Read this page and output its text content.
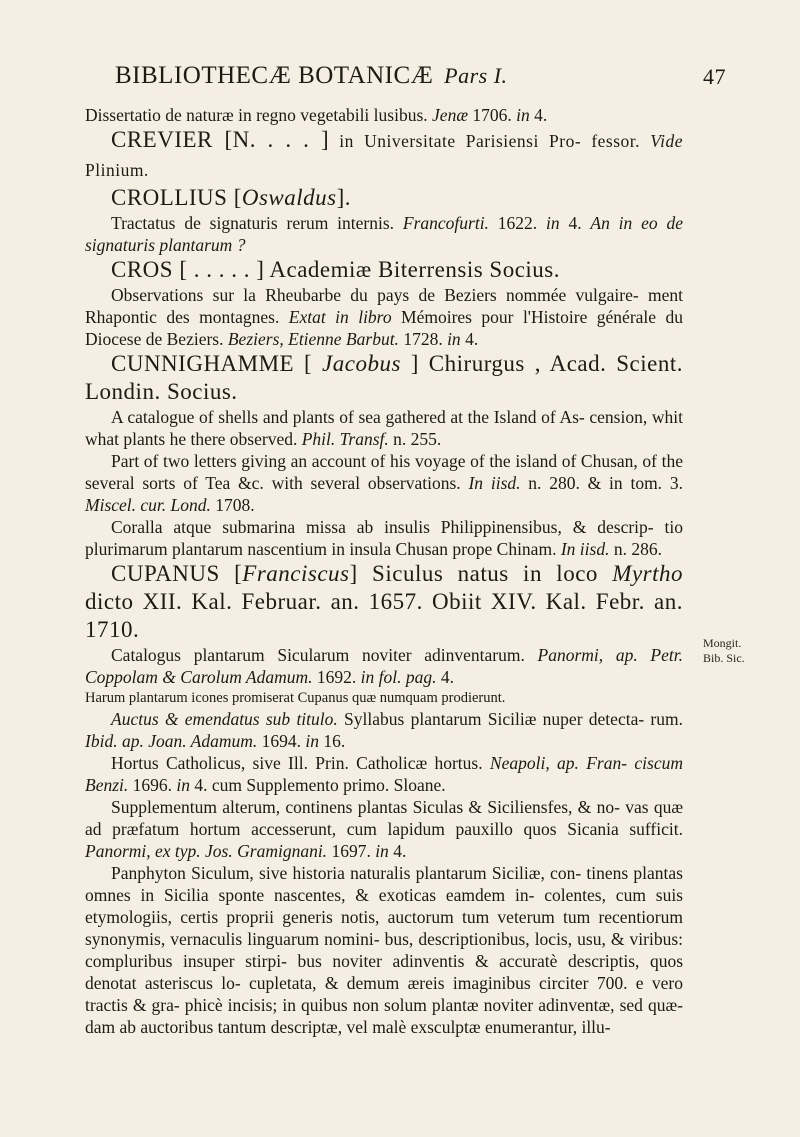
BIBLIOTHECÆ BOTANICÆ Pars I.	47

Dissertatio de naturæ in regno vegetabili lusibus. Jenæ 1706. in 4.

CREVIER [N. . . . ] in Universitate Parisiensi Pro- fessor. Vide Plinium.

CROLLIUS [Oswaldus].

Tractatus de signaturis rerum internis. Francofurti. 1622. in 4. An in eo de signaturis plantarum ?

CROS [ . . . . . ] Academiæ Biterrensis Socius.

Observations sur la Rheubarbe du pays de Beziers nommée vulgaire- ment Rhapontic des montagnes. Extat in libro Mémoires pour l'Histoire générale du Diocese de Beziers. Beziers, Etienne Barbut. 1728. in 4.

CUNNIGHAMME [ Jacobus ] Chirurgus , Acad. Scient. Londin. Socius.

A catalogue of shells and plants of sea gathered at the Island of As- cension, whit what plants he there observed. Phil. Transf. n. 255.

Part of two letters giving an account of his voyage of the island of Chusan, of the several sorts of Tea &c. with several observations. In iisd. n. 280. & in tom. 3. Miscel. cur. Lond. 1708.

Coralla atque submarina missa ab insulis Philippinensibus, & descrip- tio plurimarum plantarum nascentium in insula Chusan prope Chinam. In iisd. n. 286.

CUPANUS [Franciscus] Siculus natus in loco Myrtho dicto XII. Kal. Februar. an. 1657. Obiit XIV. Kal. Febr. an. 1710.

Catalogus plantarum Sicularum noviter adinventarum. Panormi, ap. Petr. Coppolam & Carolum Adamum. 1692. in fol. pag. 4.

Harum plantarum icones promiserat Cupanus quæ numquam prodierunt.

Auctus & emendatus sub titulo. Syllabus plantarum Siciliæ nuper detecta- rum. Ibid. ap. Joan. Adamum. 1694. in 16.

Hortus Catholicus, sive Ill. Prin. Catholicæ hortus. Neapoli, ap. Fran- ciscum Benzi. 1696. in 4. cum Supplemento primo. Sloane.

Supplementum alterum, continens plantas Siculas & Siciliensfes, & no- vas quæ ad præfatum hortum accesserunt, cum lapidum pauxillo quos Sicania sufficit. Panormi, ex typ. Jos. Gramignani. 1697. in 4.

Panphyton Siculum, sive historia naturalis plantarum Siciliæ, con- tinens plantas omnes in Sicilia sponte nascentes, & exoticas eamdem in- colentes, cum suis etymologiis, certis proprii generis notis, auctorum tum veterum tum recentiorum synonymis, vernaculis linguarum nomini- bus, descriptionibus, locis, usu, & viribus: compluribus insuper stirpi- bus noviter adinventis & accuratè descriptis, quos denotat asteriscus lo- cupletata, & demum æreis imaginibus circiter 700. e vero tractis & gra- phicè incisis; in quibus non solum plantæ noviter adinventæ, sed quæ- dam ab auctoribus tantum descriptæ, vel malè exsculptæ enumerantur, illu-

Mongit. Bib. Sic.
